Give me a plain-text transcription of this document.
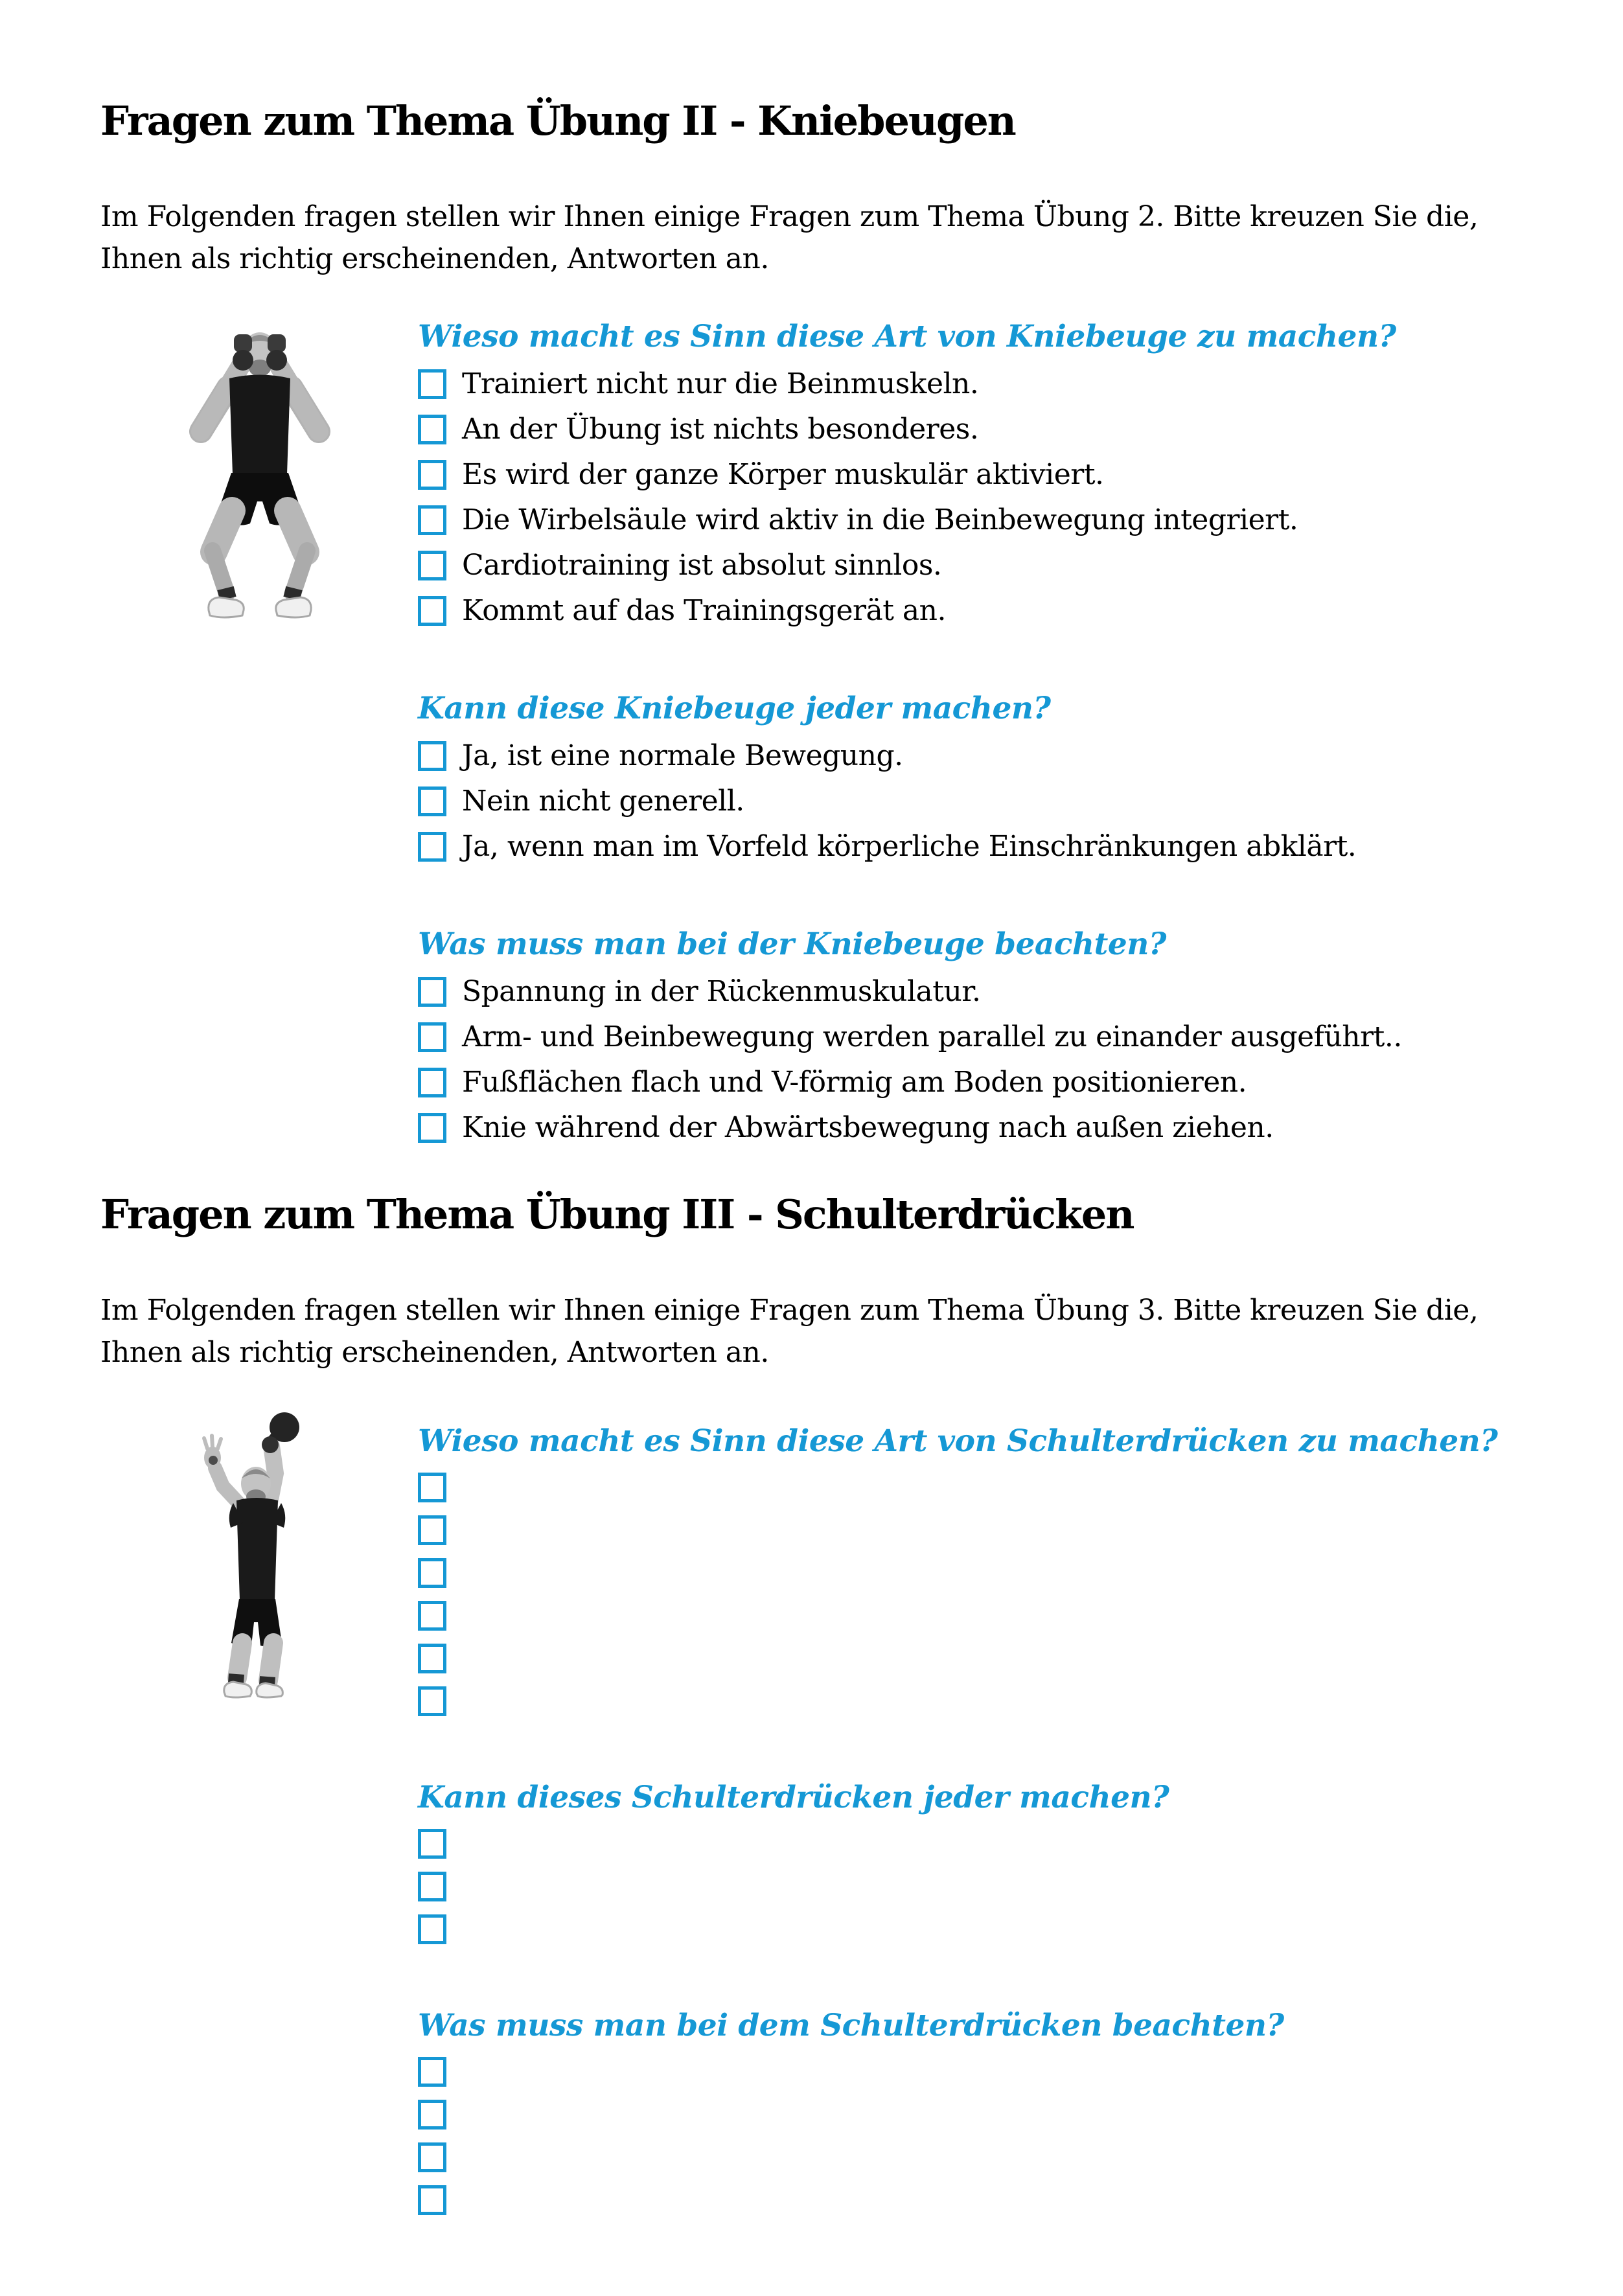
Fragen zum Thema Übung II - Kniebeugen

Im Folgenden fragen stellen wir Ihnen einige Fragen zum Thema Übung 2. Bitte kreuzen Sie die,
Ihnen als richtig erscheinenden, Antworten an.

Wieso macht es Sinn diese Art von Kniebeuge zu machen?
Trainiert nicht nur die Beinmuskeln.
An der Übung ist nichts besonderes.
Es wird der ganze Körper muskulär aktiviert.
Die Wirbelsäule wird aktiv in die Beinbewegung integriert.
Cardiotraining ist absolut sinnlos.
Kommt auf das Trainingsgerät an.
Kann diese Kniebeuge jeder machen?
Ja, ist eine normale Bewegung.
Nein nicht generell.
Ja, wenn man im Vorfeld körperliche Einschränkungen abklärt.
Was muss man bei der Kniebeuge beachten?
Spannung in der Rückenmuskulatur.
Arm- und Beinbewegung werden parallel zu einander ausgeführt..
Fußflächen flach und V-förmig am Boden positionieren.
Knie während der Abwärtsbewegung nach außen ziehen.
Fragen zum Thema Übung III - Schulterdrücken

Im Folgenden fragen stellen wir Ihnen einige Fragen zum Thema Übung 3. Bitte kreuzen Sie die,
Ihnen als richtig erscheinenden, Antworten an.

Wieso macht es Sinn diese Art von Schulterdrücken zu machen?
Kann dieses Schulterdrücken jeder machen?
Was muss man bei dem Schulterdrücken beachten?
